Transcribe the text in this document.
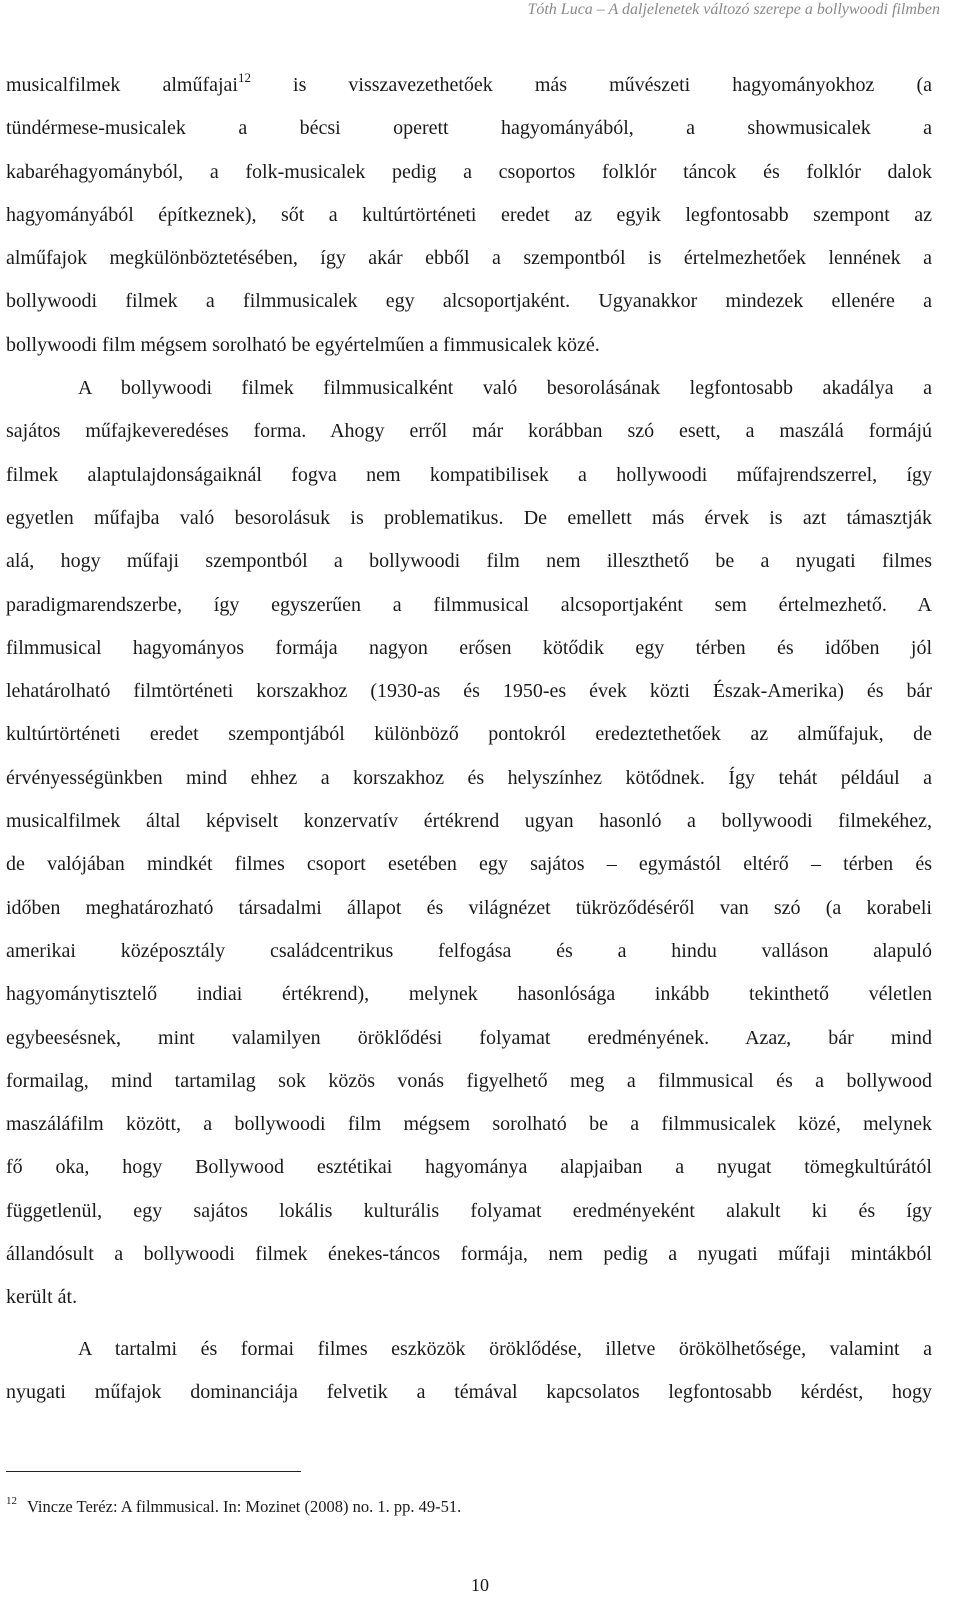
Tóth Luca – A daljelenetek változó szerepe a bollywoodi filmben

musicalfilmek alműfajai$^{12}$ is visszavezethetőek más művészeti hagyományokhoz (a
tündérmese-musicalek a bécsi operett hagyományából, a showmusicalek a
kabaréhagyományból, a folk-musicalek pedig a csoportos folklór táncok és folklór dalok
hagyományából építkeznek), sőt a kultúrtörténeti eredet az egyik legfontosabb szempont az
alműfajok megkülönböztetésében, így akár ebből a szempontból is értelmezhetőek lennének a
bollywoodi filmek a filmmusicalek egy alcsoportjaként. Ugyanakkor mindezek ellenére a
bollywoodi film mégsem sorolható be egyértelműen a fimmusicalek közé.

A bollywoodi filmek filmmusicalként való besorolásának legfontosabb akadálya a
sajátos műfajkeveredéses forma. Ahogy erről már korábban szó esett, a maszálá formájú
filmek alaptulajdonságaiknál fogva nem kompatibilisek a hollywoodi műfajrendszerrel, így
egyetlen műfajba való besorolásuk is problematikus. De emellett más érvek is azt támasztják
alá, hogy műfaji szempontból a bollywoodi film nem illeszthető be a nyugati filmes
paradigmarendszerbe, így egyszerűen a filmmusical alcsoportjaként sem értelmezhető. A
filmmusical hagyományos formája nagyon erősen kötődik egy térben és időben jól
lehatárolható filmtörténeti korszakhoz (1930-as és 1950-es évek közti Észak-Amerika) és bár
kultúrtörténeti eredet szempontjából különböző pontokról eredeztethetőek az alműfajuk, de
érvényességünkben mind ehhez a korszakhoz és helyszínhez kötődnek. Így tehát például a
musicalfilmek által képviselt konzervatív értékrend ugyan hasonló a bollywoodi filmekéhez,
de valójában mindkét filmes csoport esetében egy sajátos – egymástól eltérő – térben és
időben meghatározható társadalmi állapot és világnézet tükröződéséről van szó (a korabeli
amerikai középosztály családcentrikus felfogása és a hindu valláson alapuló
hagyománytisztelő indiai értékrend), melynek hasonlósága inkább tekinthető véletlen
egybeesésnek, mint valamilyen öröklődési folyamat eredményének. Azaz, bár mind
formailag, mind tartamilag sok közös vonás figyelhető meg a filmmusical és a bollywood
maszáláfilm között, a bollywoodi film mégsem sorolható be a filmmusicalek közé, melynek
fő oka, hogy Bollywood esztétikai hagyománya alapjaiban a nyugat tömegkultúrától
függetlenül, egy sajátos lokális kulturális folyamat eredményeként alakult ki és így
állandósult a bollywoodi filmek énekes-táncos formája, nem pedig a nyugati műfaji mintákból
került át.

A tartalmi és formai filmes eszközök öröklődése, illetve örökölhetősége, valamint a
nyugati műfajok dominanciája felvetik a témával kapcsolatos legfontosabb kérdést, hogy

$^{12}$ Vincze Teréz: A filmmusical. In: Mozinet (2008) no. 1. pp. 49-51.
10
